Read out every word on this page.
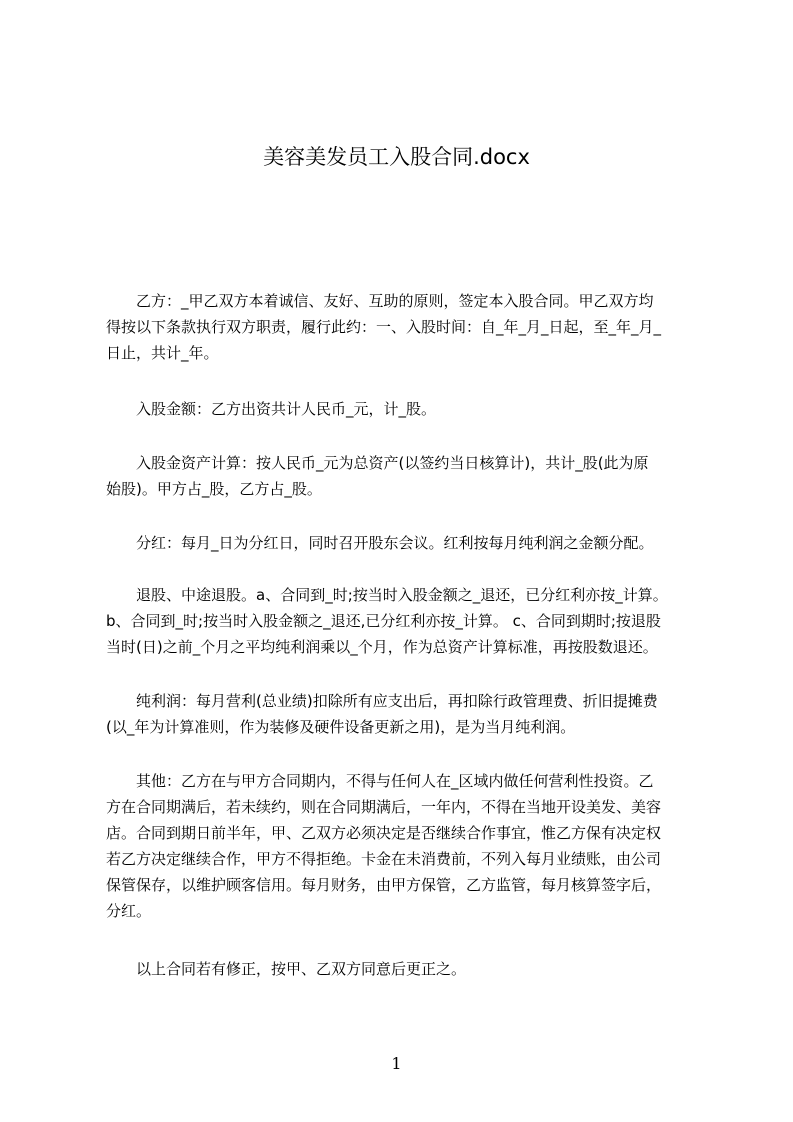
美容美发员工入股合同.docx
乙方：_甲乙双方本着诚信、友好、互助的原则，签定本入股合同。甲乙双方均
得按以下条款执行双方职责，履行此约：一、入股时间：自_年_月_日起，至_年_月_
日止，共计_年。
入股金额：乙方出资共计人民币_元，计_股。
入股金资产计算：按人民币_元为总资产(以签约当日核算计)，共计_股(此为原
始股)。甲方占_股，乙方占_股。
分红：每月_日为分红日，同时召开股东会议。红利按每月纯利润之金额分配。
退股、中途退股。a、合同到_时;按当时入股金额之_退还，已分红利亦按_计算。
b、合同到_时;按当时入股金额之_退还,已分红利亦按_计算。 c、合同到期时;按退股
当时(日)之前_个月之平均纯利润乘以_个月，作为总资产计算标准，再按股数退还。
纯利润：每月营利(总业绩)扣除所有应支出后，再扣除行政管理费、折旧提摊费
(以_年为计算准则，作为装修及硬件设备更新之用)，是为当月纯利润。
其他：乙方在与甲方合同期内，不得与任何人在_区域内做任何营利性投资。乙
方在合同期满后，若未续约，则在合同期满后，一年内，不得在当地开设美发、美容
店。合同到期日前半年，甲、乙双方必须决定是否继续合作事宜，惟乙方保有决定权
若乙方决定继续合作，甲方不得拒绝。卡金在未消费前，不列入每月业绩账，由公司
保管保存，以维护顾客信用。每月财务，由甲方保管，乙方监管，每月核算签字后，
分红。
以上合同若有修正，按甲、乙双方同意后更正之。
1
